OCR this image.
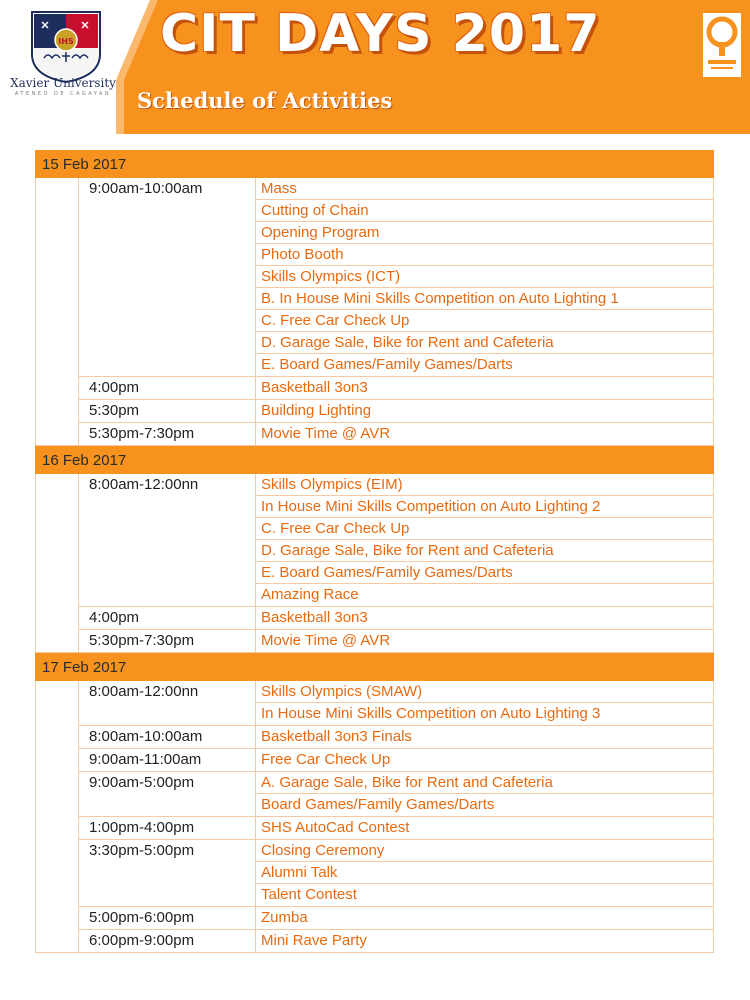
IHS
Xavier University
ATENEO DE CAGAYAN
CIT DAYS 2017
Schedule of Activities
15 Feb 2017
9:00am-10:00am	Mass
Cutting of Chain
Opening Program
Photo Booth
Skills Olympics (ICT)
B. In House Mini Skills Competition on Auto Lighting 1
C. Free Car Check Up
D. Garage Sale, Bike for Rent and Cafeteria
E. Board Games/Family Games/Darts
4:00pm	Basketball 3on3
5:30pm	Building Lighting
5:30pm-7:30pm	Movie Time @ AVR
16 Feb 2017
8:00am-12:00nn	Skills Olympics (EIM)
In House Mini Skills Competition on Auto Lighting 2
C. Free Car Check Up
D. Garage Sale, Bike for Rent and Cafeteria
E. Board Games/Family Games/Darts
Amazing Race
4:00pm	Basketball 3on3
5:30pm-7:30pm	Movie Time @ AVR
17 Feb 2017
8:00am-12:00nn	Skills Olympics (SMAW)
In House Mini Skills Competition on Auto Lighting 3
8:00am-10:00am	Basketball 3on3 Finals
9:00am-11:00am	Free Car Check Up
9:00am-5:00pm	A. Garage Sale, Bike for Rent and Cafeteria
Board Games/Family Games/Darts
1:00pm-4:00pm	SHS AutoCad Contest
3:30pm-5:00pm	Closing Ceremony
Alumni Talk
Talent Contest
5:00pm-6:00pm	Zumba
6:00pm-9:00pm	Mini Rave Party
